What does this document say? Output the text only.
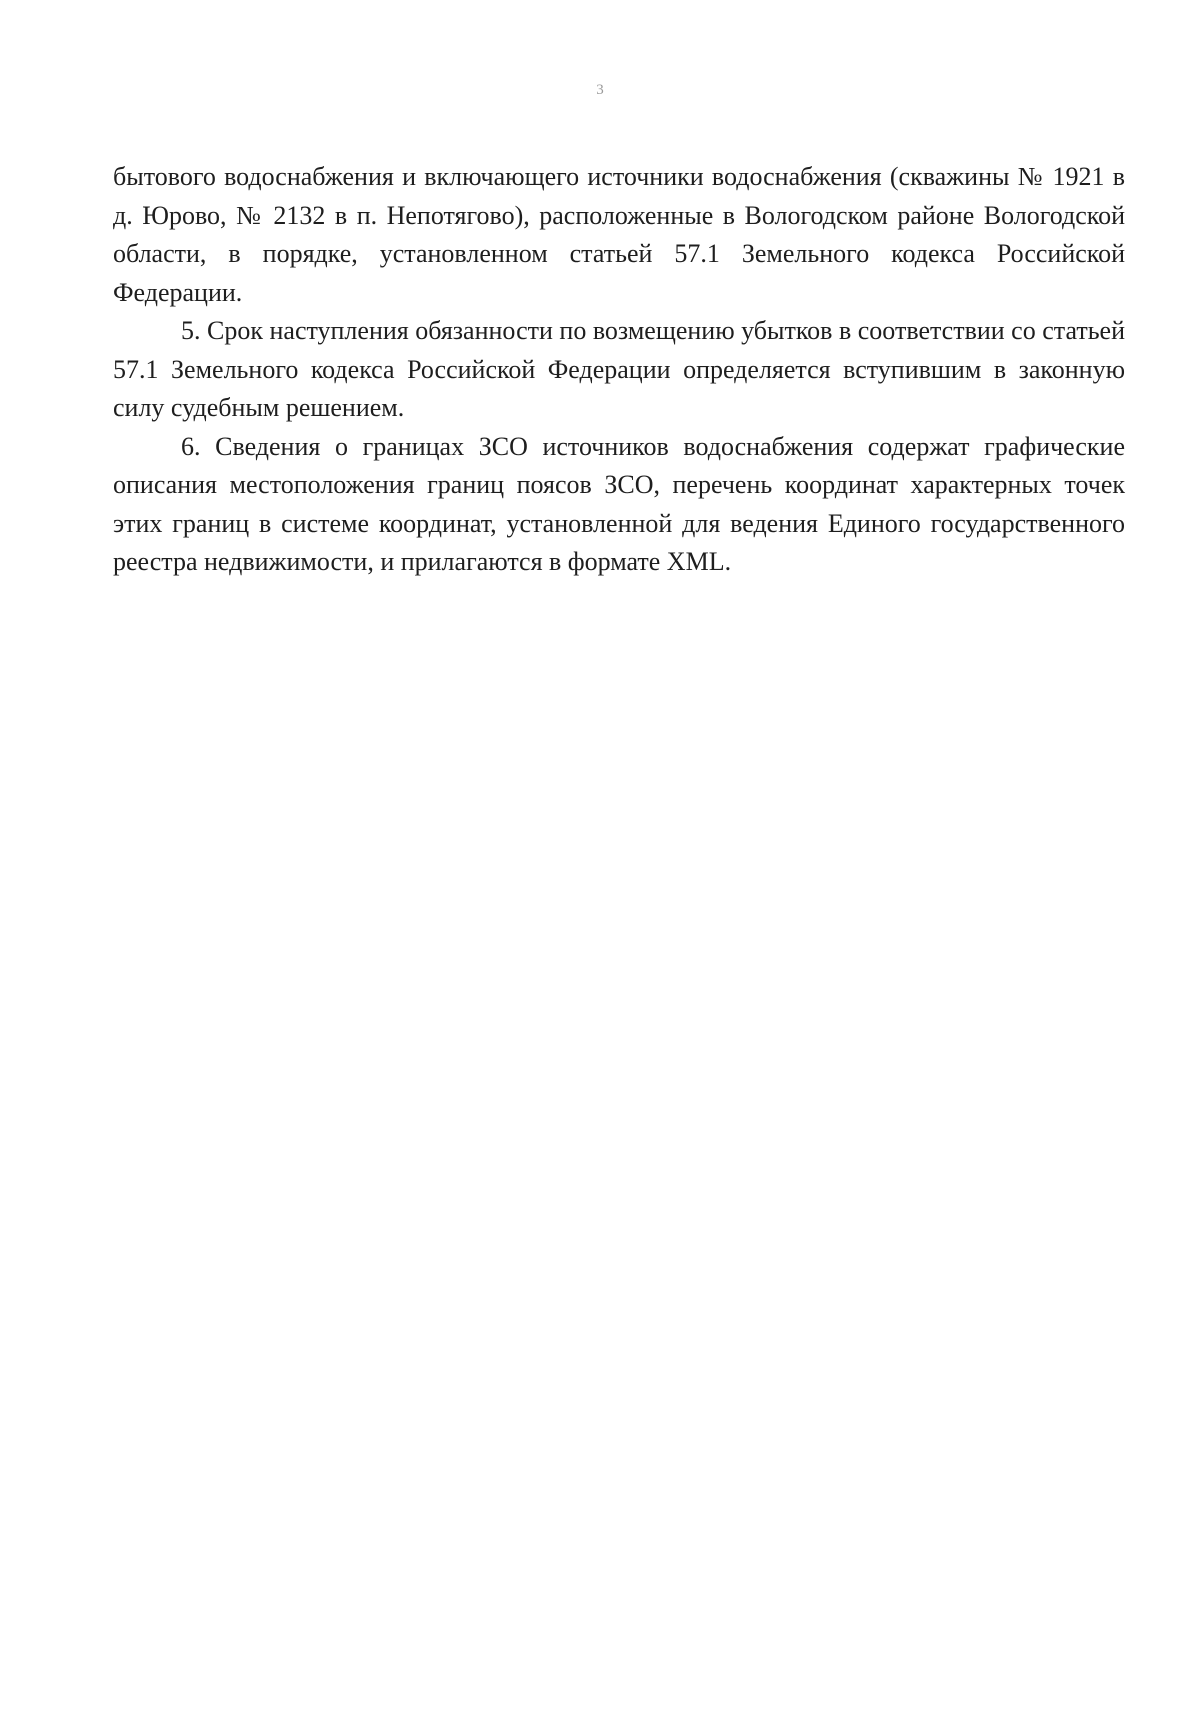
3

бытового водоснабжения и включающего источники водоснабжения (скважины № 1921 в д. Юрово, № 2132 в п. Непотягово), расположенные в Вологодском районе Вологодской области, в порядке, установленном статьей 57.1 Земельного кодекса Российской Федерации.

5. Срок наступления обязанности по возмещению убытков в соответствии со статьей 57.1 Земельного кодекса Российской Федерации определяется вступившим в законную силу судебным решением.

6. Сведения о границах ЗСО источников водоснабжения содержат графические описания местоположения границ поясов ЗСО, перечень координат характерных точек этих границ в системе координат, установленной для ведения Единого государственного реестра недвижимости, и прилагаются в формате XML.
